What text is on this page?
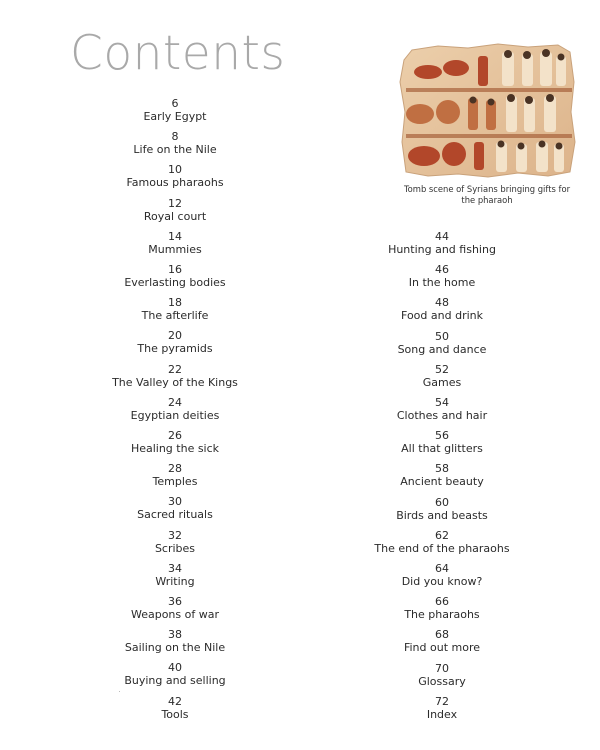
Contents
Tomb scene of Syrians bringing gifts for the pharaoh
6
Early Egypt
8
Life on the Nile
10
Famous pharaohs
12
Royal court
14
Mummies
16
Everlasting bodies
18
The afterlife
20
The pyramids
22
The Valley of the Kings
24
Egyptian deities
26
Healing the sick
28
Temples
30
Sacred rituals
32
Scribes
34
Writing
36
Weapons of war
38
Sailing on the Nile
40
Buying and selling
42
Tools
44
Hunting and fishing
46
In the home
48
Food and drink
50
Song and dance
52
Games
54
Clothes and hair
56
All that glitters
58
Ancient beauty
60
Birds and beasts
62
The end of the pharaohs
64
Did you know?
66
The pharaohs
68
Find out more
70
Glossary
72
Index
